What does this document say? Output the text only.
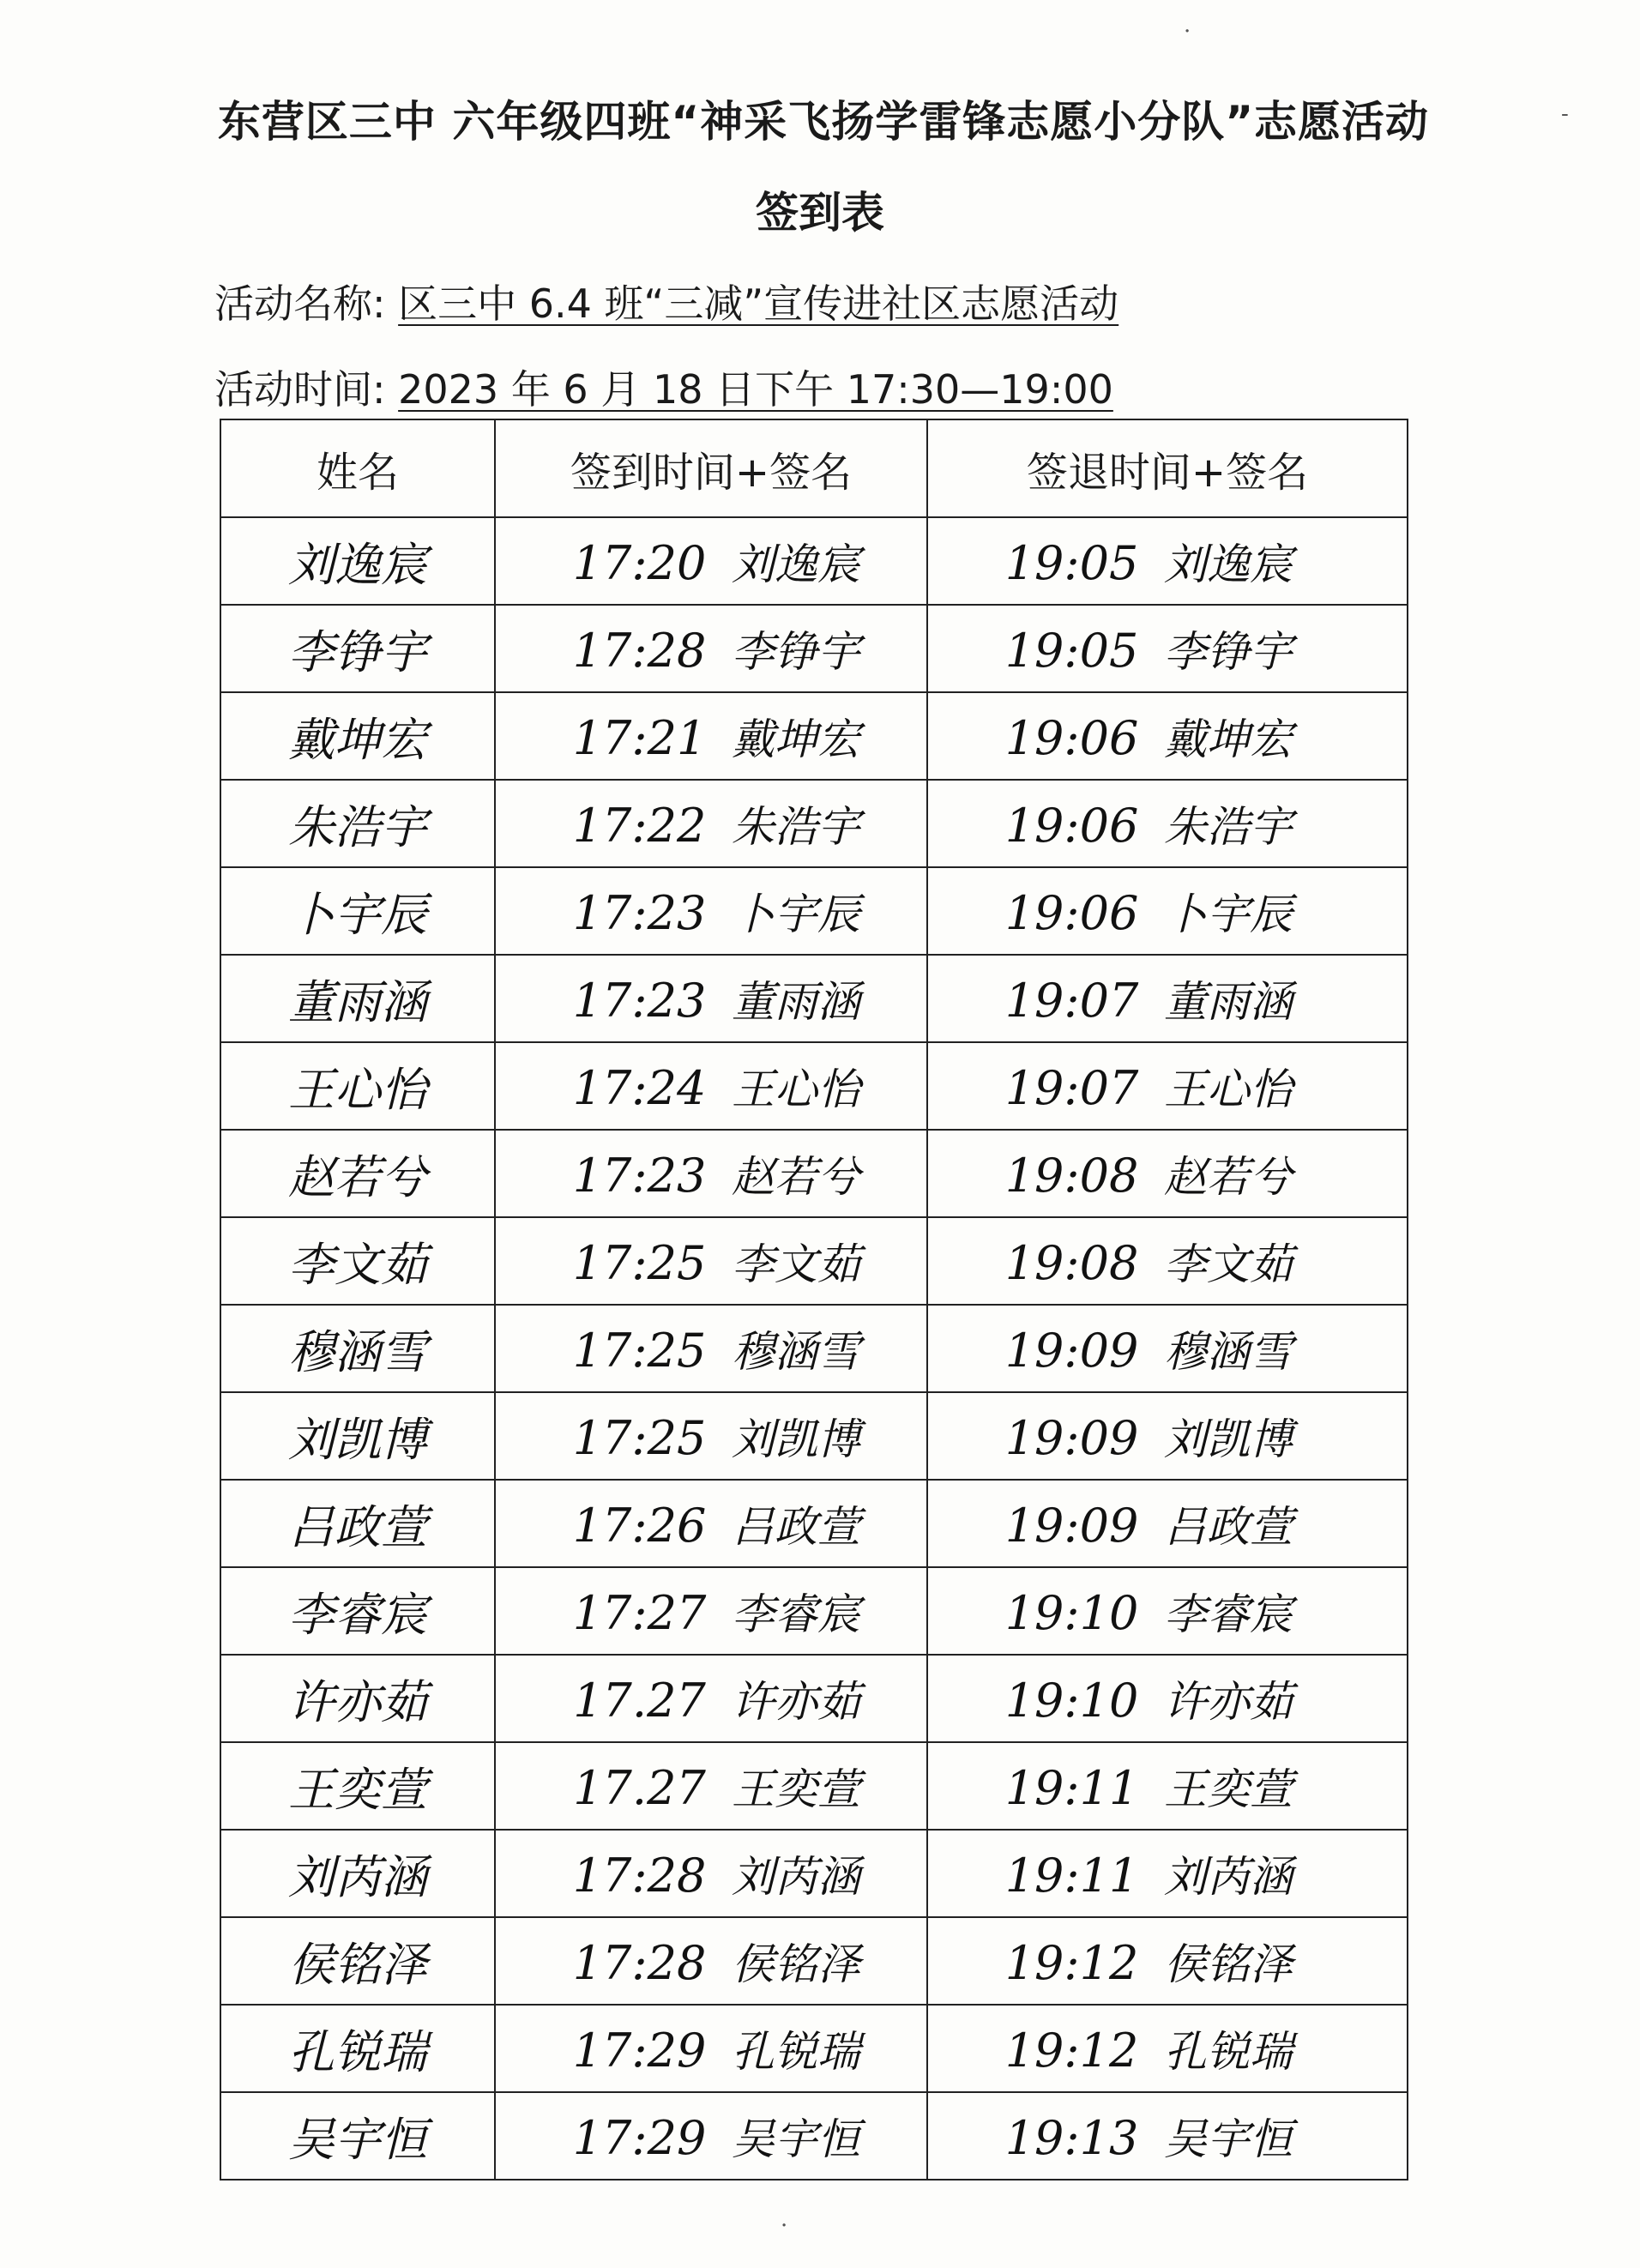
东营区三中 六年级四班“神采飞扬学雷锋志愿小分队”志愿活动
签到表
活动名称: 区三中 6.4 班“三减”宣传进社区志愿活动
活动时间: 2023 年 6 月 18 日下午 17:30—19:00
姓名	签到时间+签名	签退时间+签名
刘逸宸	17:20 刘逸宸	19:05 刘逸宸
李铮宇	17:28 李铮宇	19:05 李铮宇
戴坤宏	17:21 戴坤宏	19:06 戴坤宏
朱浩宇	17:22 朱浩宇	19:06 朱浩宇
卜宇辰	17:23 卜宇辰	19:06 卜宇辰
董雨涵	17:23 董雨涵	19:07 董雨涵
王心怡	17:24 王心怡	19:07 王心怡
赵若兮	17:23 赵若兮	19:08 赵若兮
李文茹	17:25 李文茹	19:08 李文茹
穆涵雪	17:25 穆涵雪	19:09 穆涵雪
刘凯博	17:25 刘凯博	19:09 刘凯博
吕政萱	17:26 吕政萱	19:09 吕政萱
李睿宸	17:27 李睿宸	19:10 李睿宸
许亦茹	17.27 许亦茹	19:10 许亦茹
王奕萱	17.27 王奕萱	19:11 王奕萱
刘芮涵	17:28 刘芮涵	19:11 刘芮涵
侯铭泽	17:28 侯铭泽	19:12 侯铭泽
孔锐瑞	17:29 孔锐瑞	19:12 孔锐瑞
吴宇恒	17:29 吴宇恒	19:13 吴宇恒
·
-
·
